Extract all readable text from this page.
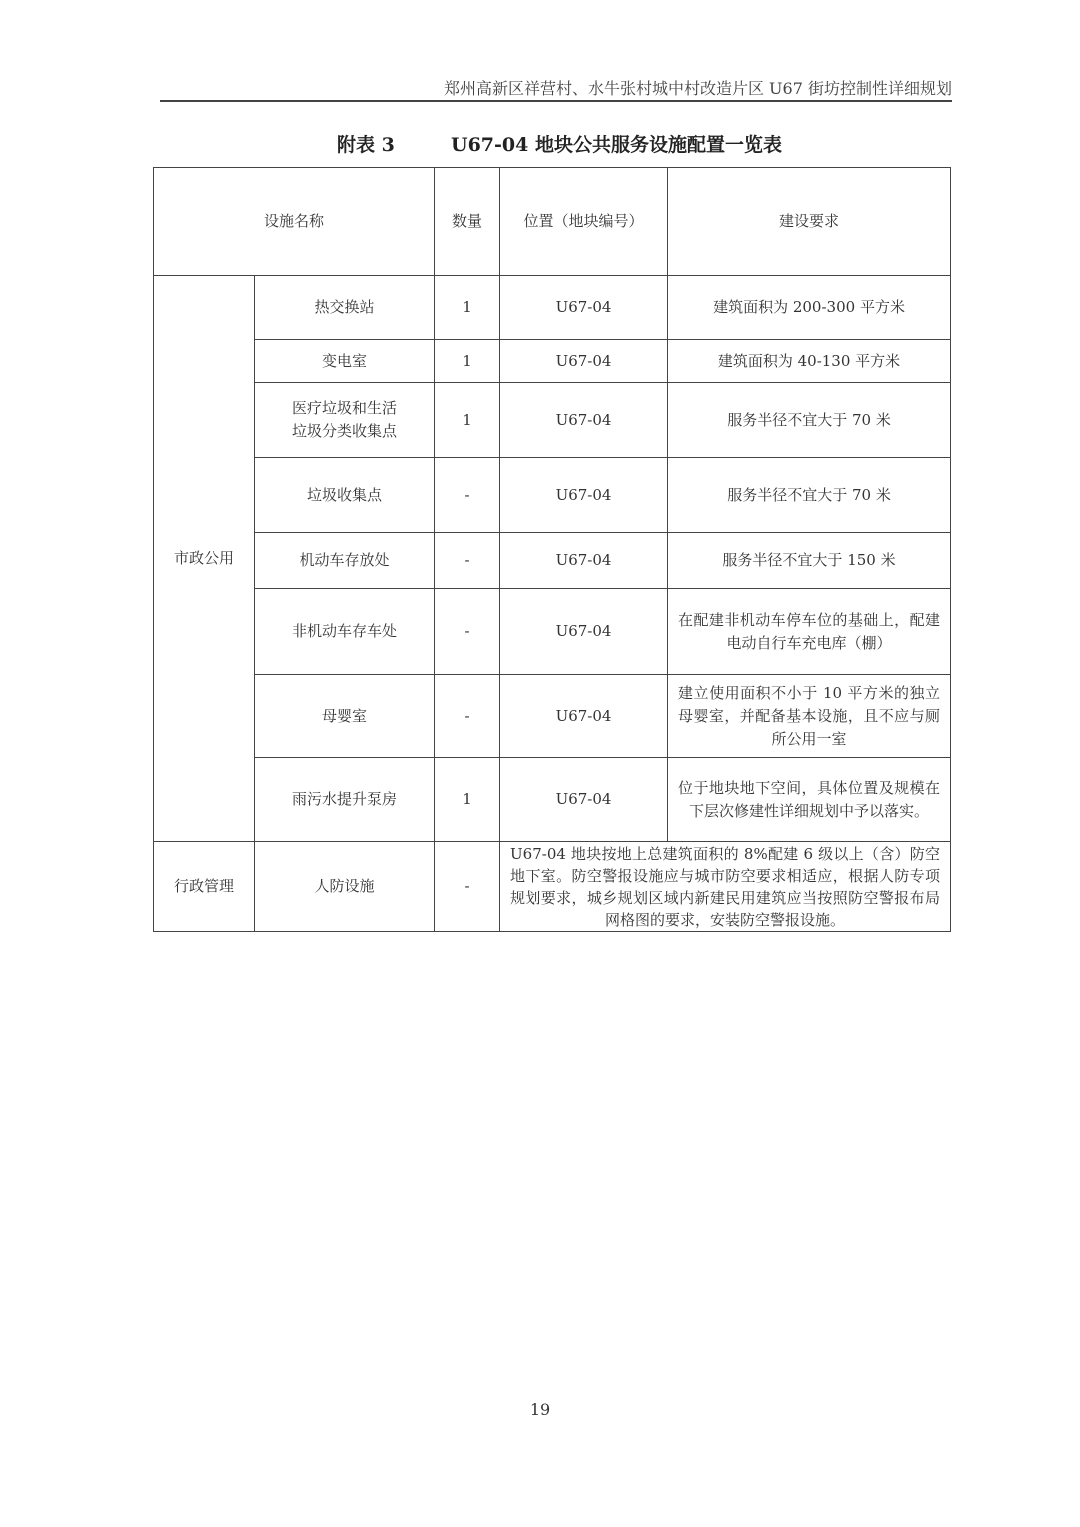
郑州高新区祥营村、水牛张村城中村改造片区 U67 街坊控制性详细规划
附表 3	U67-04 地块公共服务设施配置一览表
设施名称		数量	位置（地块编号）	建设要求
市政公用	热交换站	1	U67-04	建筑面积为 200-300 平方米
	变电室	1	U67-04	建筑面积为 40-130 平方米
	医疗垃圾和生活垃圾分类收集点	1	U67-04	服务半径不宜大于 70 米
	垃圾收集点	-	U67-04	服务半径不宜大于 70 米
	机动车存放处	-	U67-04	服务半径不宜大于 150 米
	非机动车存车处	-	U67-04	在配建非机动车停车位的基础上，配建电动自行车充电库（棚）
	母婴室	-	U67-04	建立使用面积不小于 10 平方米的独立母婴室，并配备基本设施，且不应与厕所公用一室
	雨污水提升泵房	1	U67-04	位于地块地下空间，具体位置及规模在下层次修建性详细规划中予以落实。
行政管理	人防设施	-	U67-04 地块按地上总建筑面积的 8%配建 6 级以上（含）防空地下室。防空警报设施应与城市防空要求相适应，根据人防专项规划要求，城乡规划区域内新建民用建筑应当按照防空警报布局网格图的要求，安装防空警报设施。	
19
